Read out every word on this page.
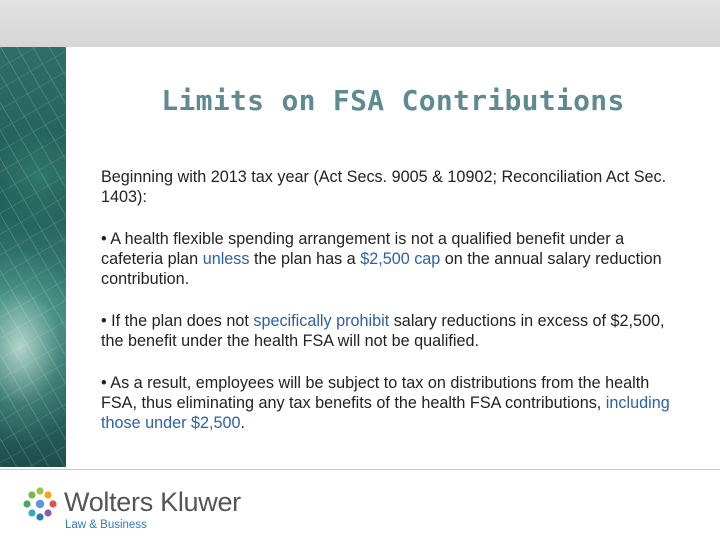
Limits on FSA Contributions

Beginning with 2013 tax year (Act Secs. 9005 & 10902; Reconciliation Act Sec. 1403):

• A health flexible spending arrangement is not a qualified benefit under a cafeteria plan unless the plan has a $2,500 cap on the annual salary reduction contribution.

• If the plan does not specifically prohibit salary reductions in excess of $2,500, the benefit under the health FSA will not be qualified.

• As a result, employees will be subject to tax on distributions from the health FSA, thus eliminating any tax benefits of the health FSA contributions, including those under $2,500.

Wolters Kluwer
Law & Business
